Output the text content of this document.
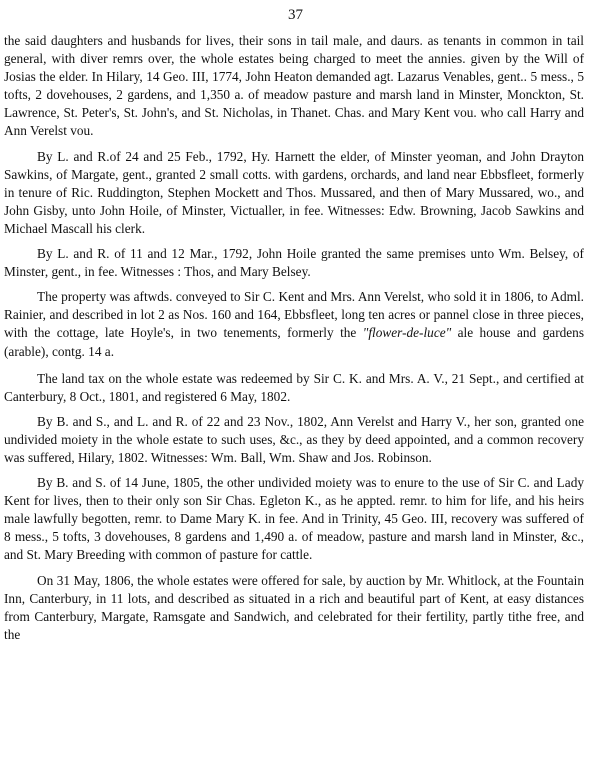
37

the said daughters and husbands for lives, their sons in tail male, and daurs. as tenants in common in tail general, with diver remrs over, the whole estates being charged to meet the annies. given by the Will of Josias the elder. In Hilary, 14 Geo. III, 1774, John Heaton demanded agt. Lazarus Venables, gent.. 5 mess., 5 tofts, 2 dovehouses, 2 gardens, and 1,350 a. of meadow pasture and marsh land in Minster, Monckton, St. Lawrence, St. Peter's, St. John's, and St. Nicholas, in Thanet. Chas. and Mary Kent vou. who call Harry and Ann Verelst vou.

By L. and R.of 24 and 25 Feb., 1792, Hy. Harnett the elder, of Minster yeoman, and John Drayton Sawkins, of Margate, gent., granted 2 small cotts. with gardens, orchards, and land near Ebbsfleet, formerly in tenure of Ric. Ruddington, Stephen Mockett and Thos. Mussared, and then of Mary Mussared, wo., and John Gisby, unto John Hoile, of Minster, Victualler, in fee. Witnesses: Edw. Browning, Jacob Sawkins and Michael Mascall his clerk.

By L. and R. of 11 and 12 Mar., 1792, John Hoile granted the same premises unto Wm. Belsey, of Minster, gent., in fee. Witnesses : Thos, and Mary Belsey.

The property was aftwds. conveyed to Sir C. Kent and Mrs. Ann Verelst, who sold it in 1806, to Adml. Rainier, and described in lot 2 as Nos. 160 and 164, Ebbsfleet, long ten acres or pannel close in three pieces, with the cottage, late Hoyle's, in two tenements, formerly the "flower-de-luce" ale house and gardens (arable), contg. 14 a.

The land tax on the whole estate was redeemed by Sir C. K. and Mrs. A. V., 21 Sept., and certified at Canterbury, 8 Oct., 1801, and registered 6 May, 1802.

By B. and S., and L. and R. of 22 and 23 Nov., 1802, Ann Verelst and Harry V., her son, granted one undivided moiety in the whole estate to such uses, &c., as they by deed appointed, and a common recovery was suffered, Hilary, 1802. Witnesses: Wm. Ball, Wm. Shaw and Jos. Robinson.

By B. and S. of 14 June, 1805, the other undivided moiety was to enure to the use of Sir C. and Lady Kent for lives, then to their only son Sir Chas. Egleton K., as he appted. remr. to him for life, and his heirs male lawfully begotten, remr. to Dame Mary K. in fee. And in Trinity, 45 Geo. III, recovery was suffered of 8 mess., 5 tofts, 3 dovehouses, 8 gardens and 1,490 a. of meadow, pasture and marsh land in Minster, &c., and St. Mary Breeding with common of pasture for cattle.

On 31 May, 1806, the whole estates were offered for sale, by auction by Mr. Whitlock, at the Fountain Inn, Canterbury, in 11 lots, and described as situated in a rich and beautiful part of Kent, at easy distances from Canterbury, Margate, Ramsgate and Sandwich, and celebrated for their fertility, partly tithe free, and the
